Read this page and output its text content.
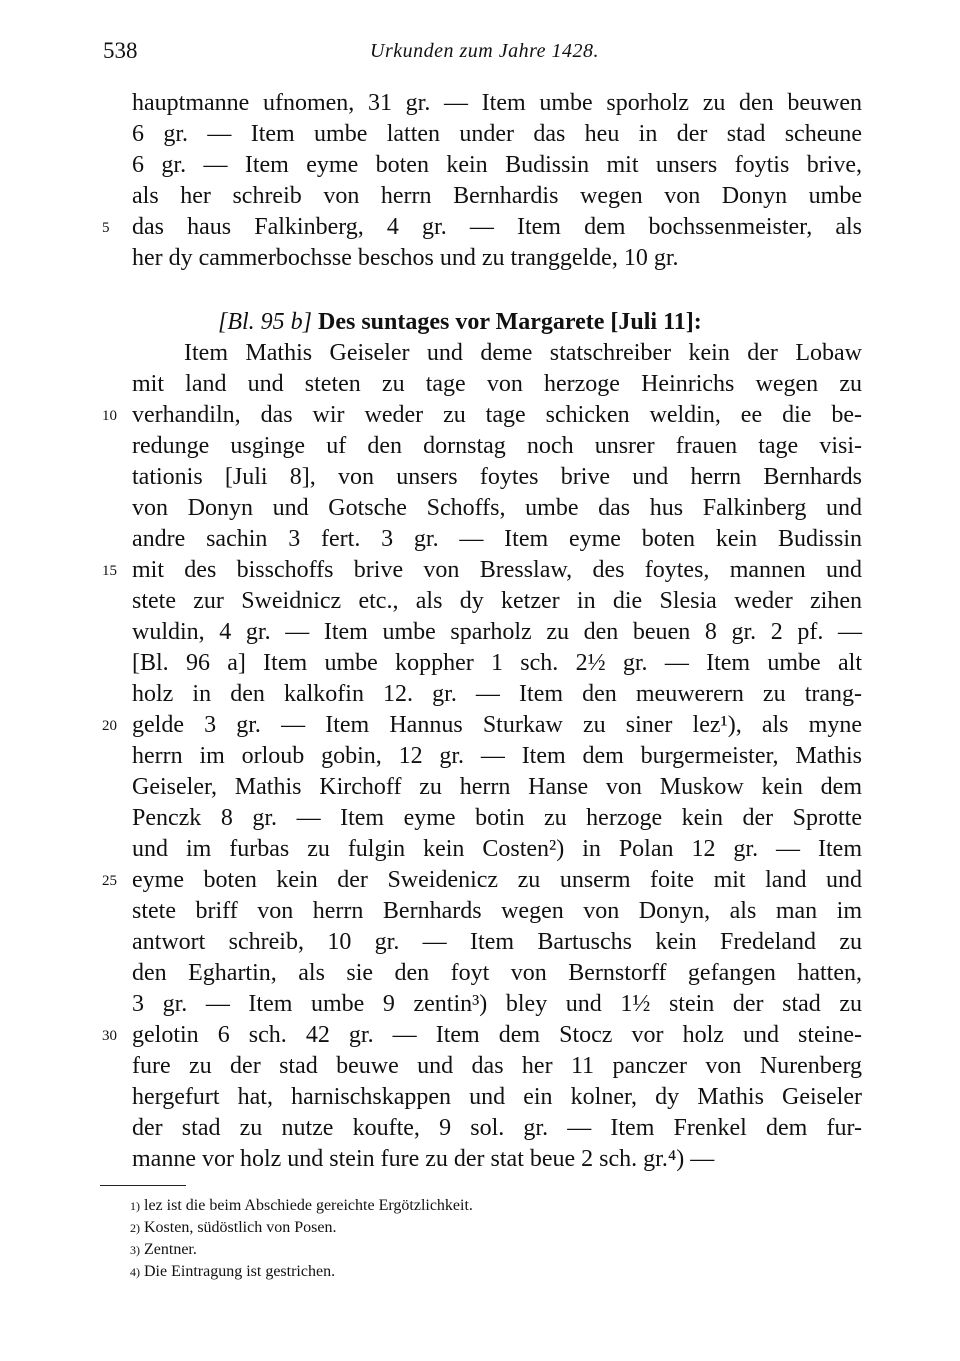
538	Urkunden zum Jahre 1428.
hauptmanne ufnomen, 31 gr. — Item umbe sporholz zu den beuwen
6 gr. — Item umbe latten under das heu in der stad scheune
6 gr. — Item eyme boten kein Budissin mit unsers foytis brive,
als her schreib von herrn Bernhardis wegen von Donyn umbe
5 das haus Falkinberg, 4 gr. — Item dem bochssenmeister, als
her dy cammerbochsse beschos und zu tranggelde, 10 gr.
[Bl. 95 b] Des suntages vor Margarete [Juli 11]:
Item Mathis Geiseler und deme statschreiber kein der Lobaw
mit land und steten zu tage von herzoge Heinrichs wegen zu
10 verhandiln, das wir weder zu tage schicken weldin, ee die be-
redunge usginge uf den dornstag noch unsrer frauen tage visi-
tationis [Juli 8], von unsers foytes brive und herrn Bernhards
von Donyn und Gotsche Schoffs, umbe das hus Falkinberg und
andre sachin 3 fert. 3 gr. — Item eyme boten kein Budissin
15 mit des bisschoffs brive von Bresslaw, des foytes, mannen und
stete zur Sweidnicz etc., als dy ketzer in die Slesia weder zihen
wuldin, 4 gr. — Item umbe sparholz zu den beuen 8 gr. 2 pf. —
[Bl. 96 a] Item umbe koppher 1 sch. 2½ gr. — Item umbe alt
holz in den kalkofin 12. gr. — Item den meuwerern zu trang-
20 gelde 3 gr. — Item Hannus Sturkaw zu siner lez¹), als myne
herrn im orloub gobin, 12 gr. — Item dem burgermeister, Mathis
Geiseler, Mathis Kirchoff zu herrn Hanse von Muskow kein dem
Penczk 8 gr. — Item eyme botin zu herzoge kein der Sprotte
und im furbas zu fulgin kein Costen²) in Polan 12 gr. — Item
25 eyme boten kein der Sweidenicz zu unserm foite mit land und
stete briff von herrn Bernhards wegen von Donyn, als man im
antwort schreib, 10 gr. — Item Bartuschs kein Fredeland zu
den Eghartin, als sie den foyt von Bernstorff gefangen hatten,
3 gr. — Item umbe 9 zentin³) bley und 1½ stein der stad zu
30 gelotin 6 sch. 42 gr. — Item dem Stocz vor holz und steine-
fure zu der stad beuwe und das her 11 panczer von Nurenberg
hergefurt hat, harnischskappen und ein kolner, dy Mathis Geiseler
der stad zu nutze koufte, 9 sol. gr. — Item Frenkel dem fur-
manne vor holz und stein fure zu der stat beue 2 sch. gr.⁴) —
$^{1)}$ lez ist die beim Abschiede gereichte Ergötzlichkeit.
$^{2)}$ Kosten, südöstlich von Posen.
$^{3)}$ Zentner.
$^{4)}$ Die Eintragung ist gestrichen.
